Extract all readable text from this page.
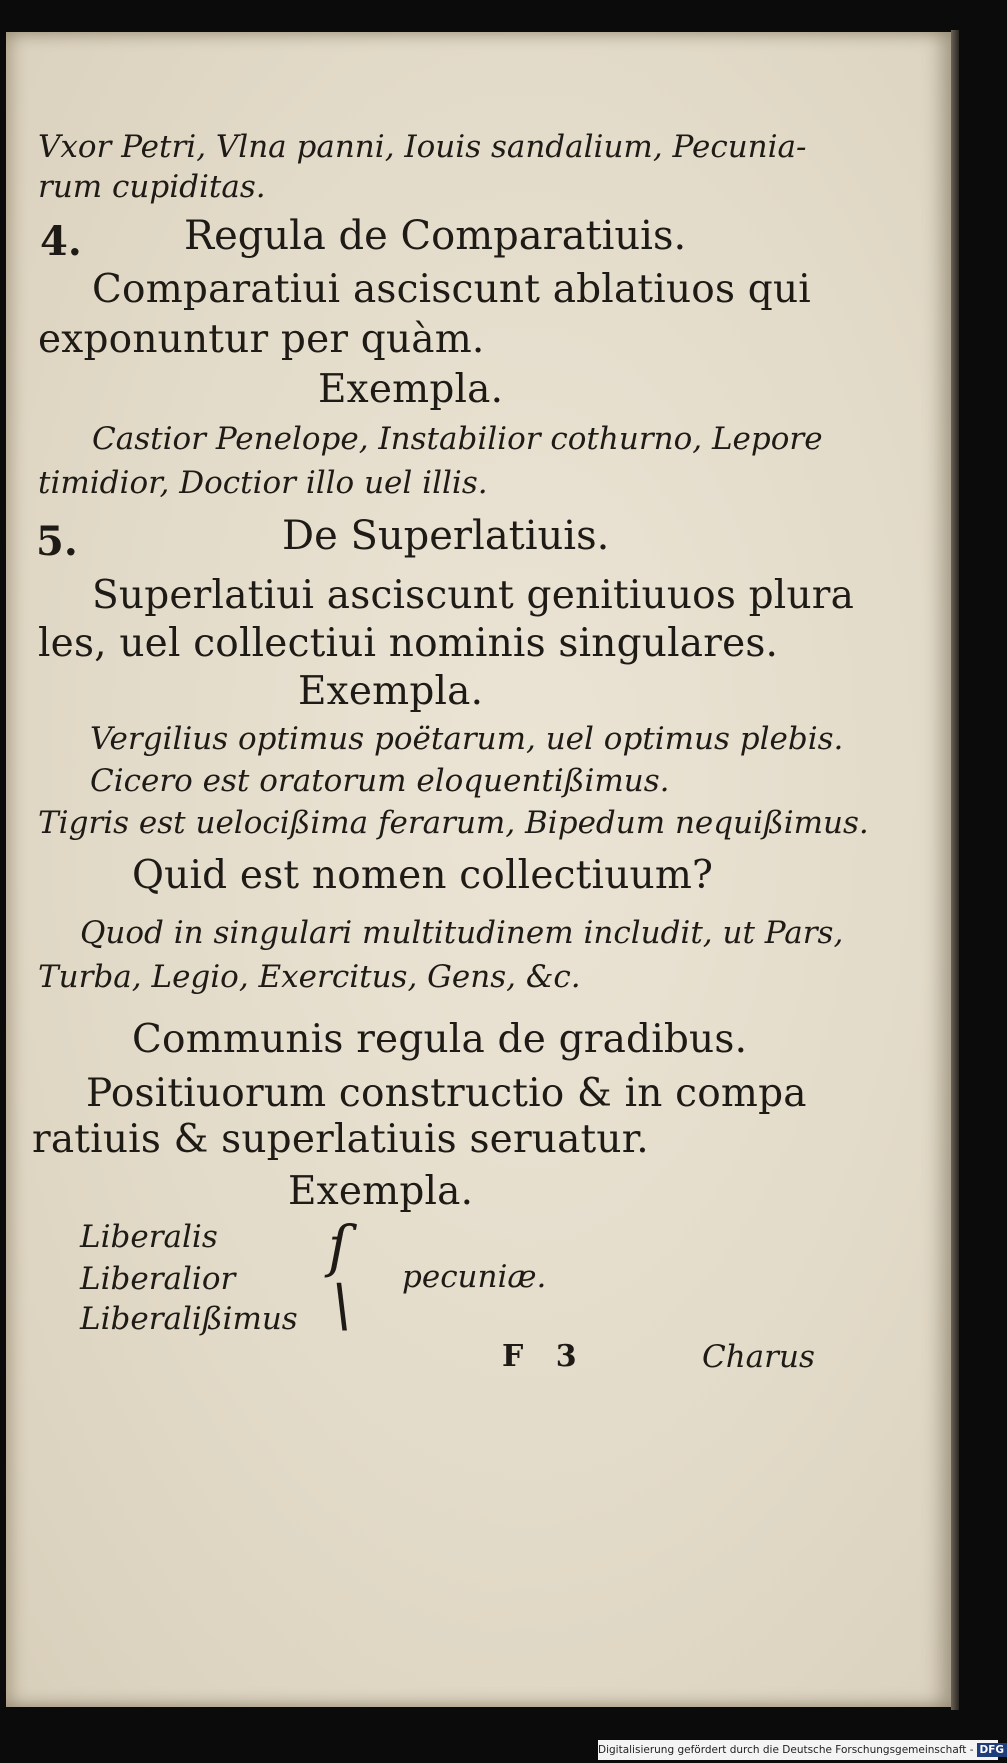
Vxor Petri, Vlna panni, Iouis sandalium, Pecunia-

rum cupiditas.

4.	Regula de Comparatiuis.

Comparatiui asciscunt ablatiuos qui

exponuntur per quàm.

Exempla.

Castior Penelope, Instabilior cothurno, Lepore

timidior, Doctior illo uel illis.

5.	De Superlatiuis.

Superlatiui asciscunt genitiuuos plura

les, uel collectiui nominis singulares.

Exempla.

Vergilius optimus poëtarum, uel optimus plebis.

Cicero est oratorum eloquentißimus.

Tigris est uelocißima ferarum, Bipedum nequißimus.

Quid est nomen collectiuum?

Quod in singulari multitudinem includit, ut Pars,

Turba, Legio, Exercitus, Gens, &c.

Communis regula de gradibus.

Positiuorum constructio & in compa

ratiuis & superlatiuis seruatur.

Exempla.

Liberalis

Liberalior

Liberalißimus

ſ
\ pecuniæ.

F 3	Charus

Digitalisierung gefördert durch die Deutsche Forschungsgemeinschaft - DFG
